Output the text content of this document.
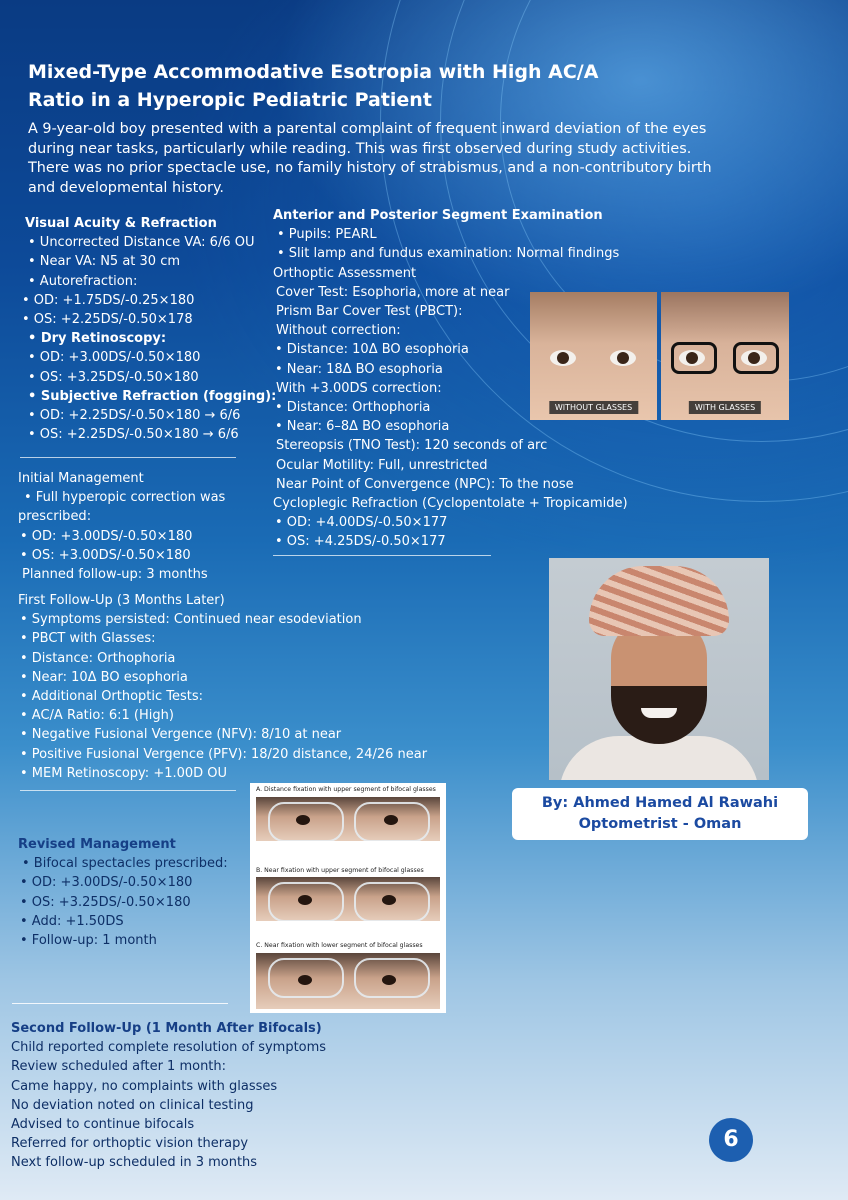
Mixed-Type Accommodative Esotropia with High AC/A
Ratio in a Hyperopic Pediatric Patient
A 9-year-old boy presented with a parental complaint of frequent inward deviation of the eyes during near tasks, particularly while reading. This was first observed during study activities. There was no prior spectacle use, no family history of strabismus, and a non-contributory birth and developmental history.
Visual Acuity & Refraction
• Uncorrected Distance VA: 6/6 OU
• Near VA: N5 at 30 cm
• Autorefraction:
• OD: +1.75DS/-0.25×180
• OS: +2.25DS/-0.50×178
• Dry Retinoscopy:
• OD: +3.00DS/-0.50×180
• OS: +3.25DS/-0.50×180
• Subjective Refraction (fogging):
• OD: +2.25DS/-0.50×180 → 6/6
• OS: +2.25DS/-0.50×180 → 6/6
Anterior and Posterior Segment Examination
• Pupils: PEARL
• Slit lamp and fundus examination: Normal findings
Orthoptic Assessment
Cover Test: Esophoria, more at near
Prism Bar Cover Test (PBCT):
Without correction:
• Distance: 10Δ BO esophoria
• Near: 18Δ BO esophoria
With +3.00DS correction:
• Distance: Orthophoria
• Near: 6–8Δ BO esophoria
Stereopsis (TNO Test): 120 seconds of arc
Ocular Motility: Full, unrestricted
Near Point of Convergence (NPC): To the nose
Cycloplegic Refraction (Cyclopentolate + Tropicamide)
• OD: +4.00DS/-0.50×177
• OS: +4.25DS/-0.50×177
WITHOUT GLASSES	WITH GLASSES
Initial Management
• Full hyperopic correction was
prescribed:
• OD: +3.00DS/-0.50×180
• OS: +3.00DS/-0.50×180
Planned follow-up: 3 months
First Follow-Up (3 Months Later)
• Symptoms persisted: Continued near esodeviation
• PBCT with Glasses:
• Distance: Orthophoria
• Near: 10Δ BO esophoria
• Additional Orthoptic Tests:
• AC/A Ratio: 6:1 (High)
• Negative Fusional Vergence (NFV): 8/10 at near
• Positive Fusional Vergence (PFV): 18/20 distance, 24/26 near
• MEM Retinoscopy: +1.00D OU
By: Ahmed Hamed Al Rawahi
Optometrist - Oman
A. Distance fixation with upper segment of bifocal glasses
B. Near fixation with upper segment of bifocal glasses
C. Near fixation with lower segment of bifocal glasses
Revised Management
• Bifocal spectacles prescribed:
• OD: +3.00DS/-0.50×180
• OS: +3.25DS/-0.50×180
• Add: +1.50DS
• Follow-up: 1 month
Second Follow-Up (1 Month After Bifocals)
Child reported complete resolution of symptoms
Review scheduled after 1 month:
Came happy, no complaints with glasses
No deviation noted on clinical testing
Advised to continue bifocals
Referred for orthoptic vision therapy
Next follow-up scheduled in 3 months
6
